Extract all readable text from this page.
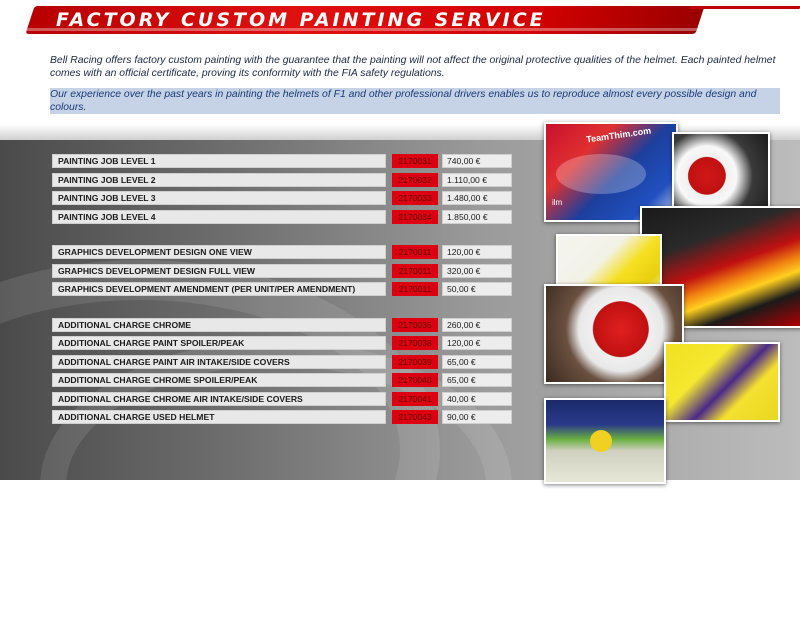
FACTORY CUSTOM PAINTING SERVICE

Bell Racing offers factory custom painting with the guarantee that the painting will not affect the original protective qualities of the helmet. Each painted helmet comes with an official certificate, proving its conformity with the FIA safety regulations.

Our experience over the past years in painting the helmets of F1 and other professional drivers enables us to reproduce almost every possible design and colours.

PAINTING JOB LEVEL 1	2170031	740,00 €
PAINTING JOB LEVEL 2	2170032	1.110,00 €
PAINTING JOB LEVEL 3	2170033	1.480,00 €
PAINTING JOB LEVEL 4	2170034	1.850,00 €
GRAPHICS DEVELOPMENT DESIGN ONE VIEW	2170011	120,00 €
GRAPHICS DEVELOPMENT DESIGN FULL VIEW	2170011	320,00 €
GRAPHICS DEVELOPMENT AMENDMENT (PER UNIT/PER AMENDMENT)	2170011	50,00 €
ADDITIONAL CHARGE CHROME	2170035	260,00 €
ADDITIONAL CHARGE PAINT SPOILER/PEAK	2170038	120,00 €
ADDITIONAL CHARGE PAINT AIR INTAKE/SIDE COVERS	2170039	65,00 €
ADDITIONAL CHARGE CHROME SPOILER/PEAK	2170040	65,00 €
ADDITIONAL CHARGE CHROME AIR INTAKE/SIDE COVERS	2170041	40,00 €
ADDITIONAL CHARGE USED HELMET	2170043	90,00 €
TeamThim.com
ilm
